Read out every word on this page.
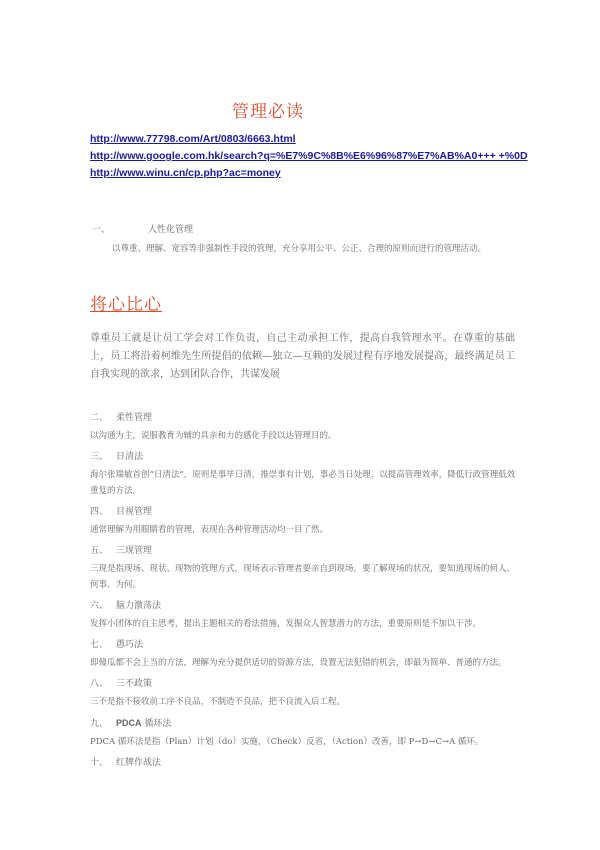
管理必读
http://www.77798.com/Art/0803/6663.html
http://www.google.com.hk/search?q=%E7%9C%8B%E6%96%87%E7%AB%A0+++ +%0D
http://www.winu.cn/cp.php?ac=money
一、	人性化管理
以尊重、理解、宽容等非强制性手段的管理，充分享用公平、公正、合理的原则而进行的管理活动。
将心比心
尊重员工就是让员工学会对工作负责，自己主动承担工作，提高自我管理水平。在尊重的基础上，员工将沿着柯维先生所提倡的依赖—独立—互赖的发展过程有序地发展提高，最终满足员工自我实现的欲求，达到团队合作，共谋发展
二、 柔性管理
以沟通为主，说服教育为辅的具亲和力的感化手段以达管理目的。
三、 日清法
海尔张瑞敏首创“日清法”，原则是事毕日清，推崇事有计划，事必当日处理，以提高管理效率，降低行政管理低效重复的方法。
四、 目视管理
通常理解为用眼睛看的管理，表现在各种管理活动均一目了然。
五、 三现管理
三现是指现场、现状、现物的管理方式，现场表示管理者要亲自到现场，要了解现场的状况，要知道现场的何人、何事、为何。
六、 脑力激荡法
发挥小团体的自主思考，提出主题相关的看法措施，发掘众人智慧潜力的方法，重要原则是不加以干涉。
七、 愚巧法
即傻瓜都不会上当的方法，理解为充分提供适切的资源方法，设置无法犯错的机会，即最为简单、普通的方法。
八、 三不政策
三不是指不接收前工序不良品，不制造不良品，把不良流入后工程。
九、 PDCA 循环法
PDCA 循环法是指（Plan）计划（do）实施，（Check）反省，（Action）改善，即 P→D→C→A 循环。
十、 红牌作战法
